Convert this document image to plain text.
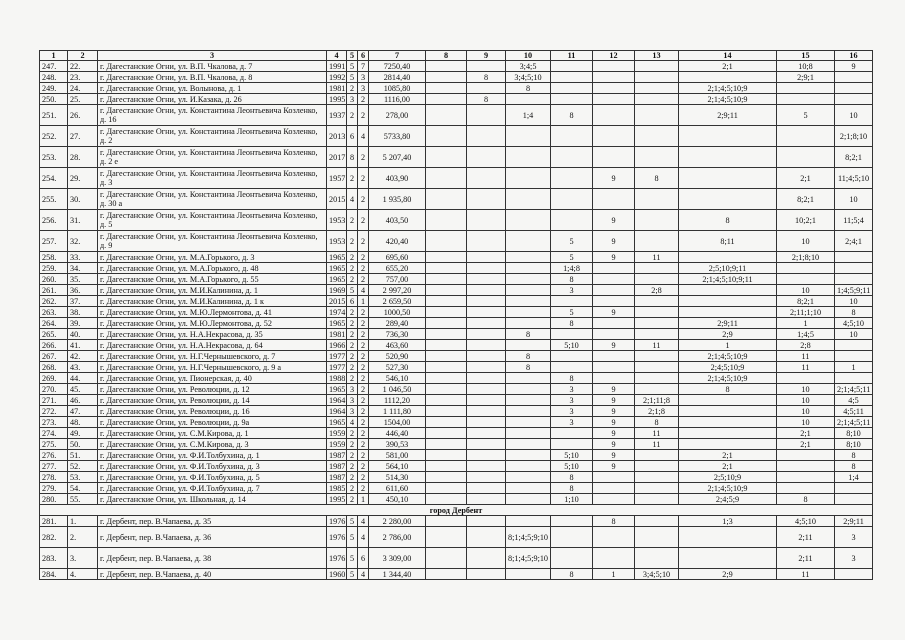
1	2	3	4	5	6	7	8	9	10	11	12	13	14	15	16
247.	22.	г. Дагестанские Огни, ул. В.П. Чкалова, д. 7	1991	5	7	7250,40			3;4;5				2;1	10;8	9
248.	23.	г. Дагестанские Огни, ул. В.П. Чкалова, д. 8	1992	5	3	2814,40		8	3;4;5;10					2;9;1	
249.	24.	г. Дагестанские Огни, ул. Волынова, д. 1	1981	2	3	1085,80			8				2;1;4;5;10;9		
250.	25.	г. Дагестанские Огни, ул. И.Казака, д. 26	1995	3	2	1116,00		8					2;1;4;5;10;9		
251.	26.	г. Дагестанские Огни, ул. Константина Леонтьевича Козленко, д. 16	1937	2	2	278,00			1;4	8			2;9;11	5	10
252.	27.	г. Дагестанские Огни, ул. Константина Леонтьевича Козленко, д. 2	2013	6	4	5733,80									2;1;8;10
253.	28.	г. Дагестанские Огни, ул. Константина Леонтьевича Козленко, д. 2 е	2017	8	2	5 207,40									8;2;1
254.	29.	г. Дагестанские Огни, ул. Константина Леонтьевича Козленко, д. 3	1957	2	2	403,90					9	8		2;1	11;4;5;10
255.	30.	г. Дагестанские Огни, ул. Константина Леонтьевича Козленко, д. 30 а	2015	4	2	1 935,80								8;2;1	10
256.	31.	г. Дагестанские Огни, ул. Константина Леонтьевича Козленко, д. 5	1953	2	2	403,50					9		8	10;2;1	11;5;4
257.	32.	г. Дагестанские Огни, ул. Константина Леонтьевича Козленко, д. 9	1953	2	2	420,40				5	9		8;11	10	2;4;1
258.	33.	г. Дагестанские Огни, ул. М.А.Горького, д. 3	1965	2	2	695,60				5	9	11		2;1;8;10	
259.	34.	г. Дагестанские Огни, ул. М.А.Горького, д. 48	1965	2	2	655,20				1;4;8			2;5;10;9;11		
260.	35.	г. Дагестанские Огни, ул. М.А.Горького, д. 55	1965	2	2	757,00				8			2;1;4;5;10;9;11		
261.	36.	г. Дагестанские Огни, ул. М.И.Калинина, д. 1	1969	5	4	2 997,20				3		2;8		10	1;4;5;9;11
262.	37.	г. Дагестанские Огни, ул. М.И.Калинина, д. 1 к	2015	6	1	2 659,50								8;2;1	10
263.	38.	г. Дагестанские Огни, ул. М.Ю.Лермонтова, д. 41	1974	2	2	1000,50				5	9			2;11;1;10	8
264.	39.	г. Дагестанские Огни, ул. М.Ю.Лермонтова, д. 52	1965	2	2	289,40				8			2;9;11	1	4;5;10
265.	40.	г. Дагестанские Огни, ул. Н.А.Некрасова, д. 35	1981	2	2	736,30			8				2;9	1;4;5	10
266.	41.	г. Дагестанские Огни, ул. Н.А.Некрасова, д. 64	1966	2	2	463,60				5;10	9	11	1	2;8	
267.	42.	г. Дагестанские Огни, ул. Н.Г.Чернышевского, д. 7	1977	2	2	520,90			8				2;1;4;5;10;9	11	
268.	43.	г. Дагестанские Огни, ул. Н.Г.Чернышевского, д. 9 а	1977	2	2	527,30			8				2;4;5;10;9	11	1
269.	44.	г. Дагестанские Огни, ул. Пионерская, д. 40	1988	2	2	546,10				8			2;1;4;5;10;9		
270.	45.	г. Дагестанские Огни, ул. Революции, д. 12	1965	3	2	1 046,50				3	9		8	10	2;1;4;5;11
271.	46.	г. Дагестанские Огни, ул. Революции, д. 14	1964	3	2	1112,20				3	9	2;1;11;8		10	4;5
272.	47.	г. Дагестанские Огни, ул. Революции, д. 16	1964	3	2	1 111,80				3	9	2;1;8		10	4;5;11
273.	48.	г. Дагестанские Огни, ул. Революции, д. 9а	1965	4	2	1504,00				3	9	8		10	2;1;4;5;11
274.	49.	г. Дагестанские Огни, ул. С.М.Кирова, д. 1	1959	2	2	446,40					9	11		2;1	8;10
275.	50.	г. Дагестанские Огни, ул. С.М.Кирова, д. 3	1959	2	2	390,53					9	11		2;1	8;10
276.	51.	г. Дагестанские Огни, ул. Ф.И.Толбухина, д. 1	1987	2	2	581,00				5;10	9		2;1		8
277.	52.	г. Дагестанские Огни, ул. Ф.И.Толбухина, д. 3	1987	2	2	564,10				5;10	9		2;1		8
278.	53.	г. Дагестанские Огни, ул. Ф.И.Толбухина, д. 5	1987	2	2	514,30				8			2;5;10;9		1;4
279.	54.	г. Дагестанские Огни, ул. Ф.И.Толбухина, д. 7	1985	2	2	611,60				8			2;1;4;5;10;9		
280.	55.	г. Дагестанские Огни, ул. Школьная, д. 14	1995	2	1	450,10				1;10			2;4;5;9	8	
город Дербент															
281.	1.	г. Дербент, пер. В.Чапаева, д. 35	1976	5	4	2 280,00					8		1;3	4;5;10	2;9;11
282.	2.	г. Дербент, пер. В.Чапаева, д. 36	1976	5	4	2 786,00			8;1;4;5;9;10					2;11	3
283.	3.	г. Дербент, пер. В.Чапаева, д. 38	1976	5	6	3 309,00			8;1;4;5;9;10					2;11	3
284.	4.	г. Дербент, пер. В.Чапаева, д. 40	1960	5	4	1 344,40				8	1	3;4;5;10	2;9	11	
